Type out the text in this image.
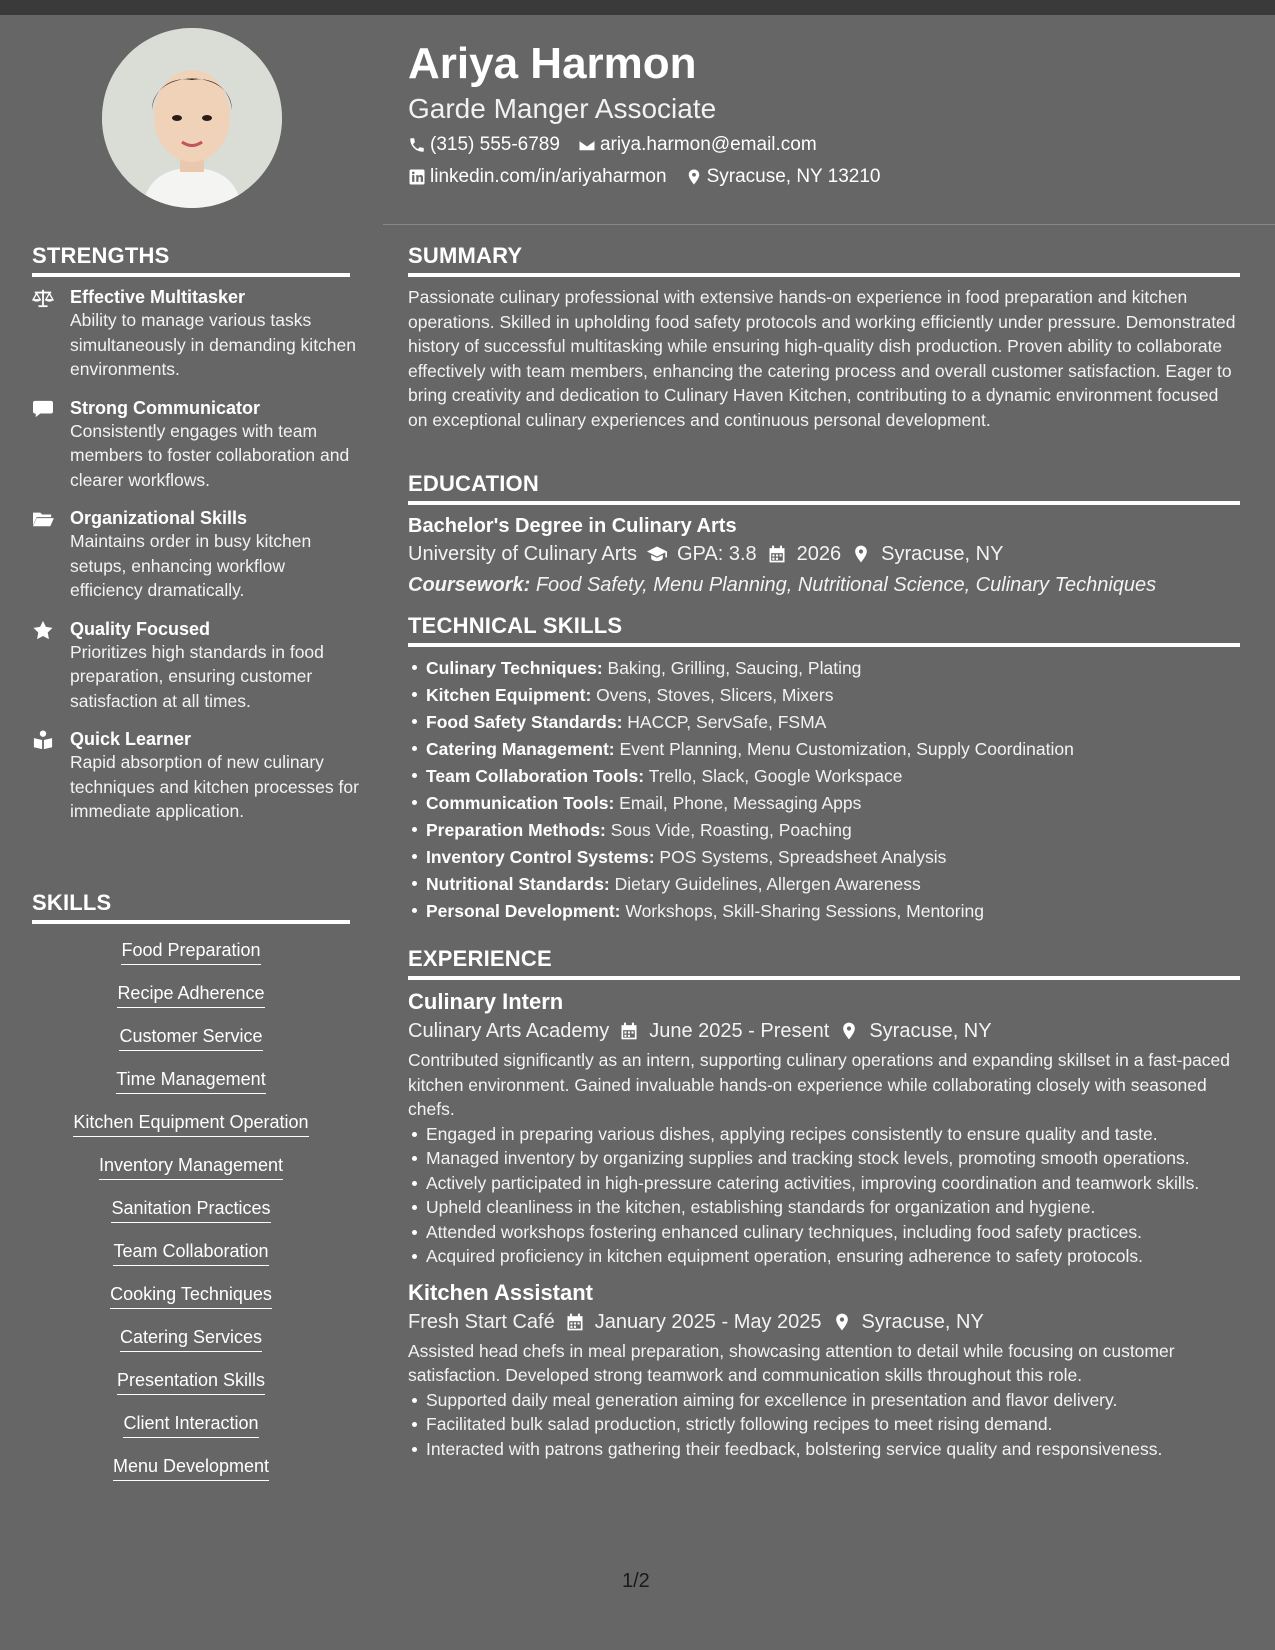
Ariya Harmon
Garde Manger Associate
(315) 555-6789 ariya.harmon@email.com
linkedin.com/in/ariyaharmon Syracuse, NY 13210
STRENGTHS
Effective Multitasker
Ability to manage various tasks simultaneously in demanding kitchen environments.
Strong Communicator
Consistently engages with team members to foster collaboration and clearer workflows.
Organizational Skills
Maintains order in busy kitchen setups, enhancing workflow efficiency dramatically.
Quality Focused
Prioritizes high standards in food preparation, ensuring customer satisfaction at all times.
Quick Learner
Rapid absorption of new culinary techniques and kitchen processes for immediate application.
SKILLS
Food Preparation
Recipe Adherence
Customer Service
Time Management
Kitchen Equipment Operation
Inventory Management
Sanitation Practices
Team Collaboration
Cooking Techniques
Catering Services
Presentation Skills
Client Interaction
Menu Development
SUMMARY

Passionate culinary professional with extensive hands-on experience in food preparation and kitchen operations. Skilled in upholding food safety protocols and working efficiently under pressure. Demonstrated history of successful multitasking while ensuring high-quality dish production. Proven ability to collaborate effectively with team members, enhancing the catering process and overall customer satisfaction. Eager to bring creativity and dedication to Culinary Haven Kitchen, contributing to a dynamic environment focused on exceptional culinary experiences and continuous personal development.

EDUCATION
Bachelor's Degree in Culinary Arts
University of Culinary Arts GPA: 3.8 2026 Syracuse, NY
Coursework: Food Safety, Menu Planning, Nutritional Science, Culinary Techniques
TECHNICAL SKILLS
Culinary Techniques: Baking, Grilling, Saucing, Plating
Kitchen Equipment: Ovens, Stoves, Slicers, Mixers
Food Safety Standards: HACCP, ServSafe, FSMA
Catering Management: Event Planning, Menu Customization, Supply Coordination
Team Collaboration Tools: Trello, Slack, Google Workspace
Communication Tools: Email, Phone, Messaging Apps
Preparation Methods: Sous Vide, Roasting, Poaching
Inventory Control Systems: POS Systems, Spreadsheet Analysis
Nutritional Standards: Dietary Guidelines, Allergen Awareness
Personal Development: Workshops, Skill-Sharing Sessions, Mentoring
EXPERIENCE
Culinary Intern
Culinary Arts Academy June 2025 - Present Syracuse, NY

Contributed significantly as an intern, supporting culinary operations and expanding skillset in a fast-paced kitchen environment. Gained invaluable hands-on experience while collaborating closely with seasoned chefs.

Engaged in preparing various dishes, applying recipes consistently to ensure quality and taste.
Managed inventory by organizing supplies and tracking stock levels, promoting smooth operations.
Actively participated in high-pressure catering activities, improving coordination and teamwork skills.
Upheld cleanliness in the kitchen, establishing standards for organization and hygiene.
Attended workshops fostering enhanced culinary techniques, including food safety practices.
Acquired proficiency in kitchen equipment operation, ensuring adherence to safety protocols.
Kitchen Assistant
Fresh Start Café January 2025 - May 2025 Syracuse, NY

Assisted head chefs in meal preparation, showcasing attention to detail while focusing on customer satisfaction. Developed strong teamwork and communication skills throughout this role.

Supported daily meal generation aiming for excellence in presentation and flavor delivery.
Facilitated bulk salad production, strictly following recipes to meet rising demand.
Interacted with patrons gathering their feedback, bolstering service quality and responsiveness.
1/2
